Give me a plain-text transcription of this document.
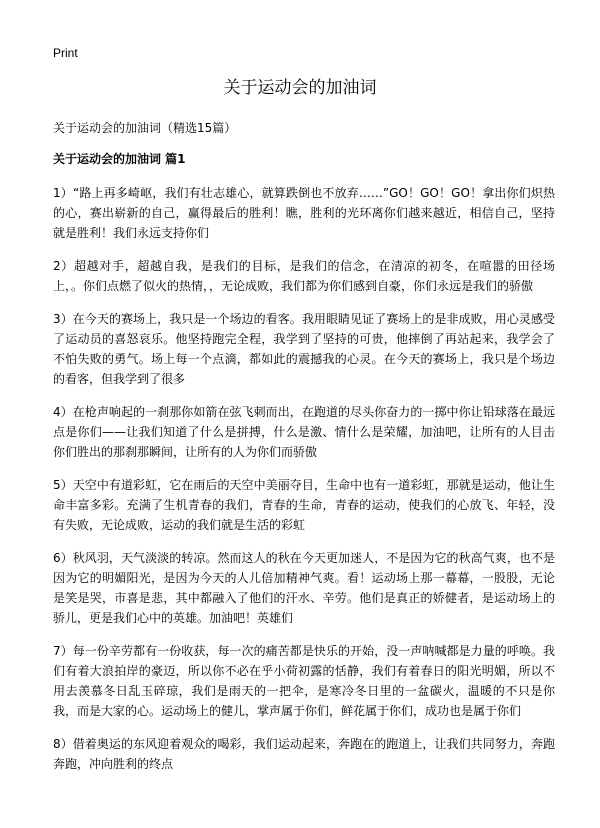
Print
关于运动会的加油词
关于运动会的加油词（精选15篇）
关于运动会的加油词 篇1

1）“路上再多崎岖，我们有壮志雄心，就算跌倒也不放弃……”GO！GO！GO！拿出你们炽热的心，赛出崭新的自己，赢得最后的胜利！瞧，胜利的光环离你们越来越近，相信自己，坚持就是胜利！我们永远支持你们

2）超越对手，超越自我，是我们的目标，是我们的信念，在清凉的初冬，在喧嚣的田径场上，。你们点燃了似火的热情，，无论成败，我们都为你们感到自豪，你们永远是我们的骄傲

3）在今天的赛场上，我只是一个场边的看客。我用眼睛见证了赛场上的是非成败，用心灵感受了运动员的喜怒哀乐。他坚持跑完全程，我学到了坚持的可贵，他摔倒了再站起来，我学会了不怕失败的勇气。场上每一个点滴，都如此的震撼我的心灵。在今天的赛场上，我只是个场边的看客，但我学到了很多

4）在枪声响起的一刹那你如箭在弦飞刺而出，在跑道的尽头你奋力的一掷中你让铅球落在最远点是你们——让我们知道了什么是拼搏，什么是激、情什么是荣耀，加油吧，让所有的人目击你们胜出的那刹那瞬间，让所有的人为你们而骄傲

5）天空中有道彩虹，它在雨后的天空中美丽夺目，生命中也有一道彩虹，那就是运动，他让生命丰富多彩。充满了生机青春的我们，青春的生命，青春的运动，使我们的心放飞、年轻，没有失败，无论成败，运动的我们就是生活的彩虹

6）秋风羽，天气淡淡的转凉。然而这人的秋在今天更加迷人，不是因为它的秋高气爽，也不是因为它的明媚阳光，是因为今天的人儿倍加精神气爽。看！运动场上那一幕幕，一股股，无论是笑是哭，市喜是悲，其中都融入了他们的汗水、辛劳。他们是真正的娇健者，是运动场上的骄儿，更是我们心中的英雄。加油吧！英雄们

7）每一份辛劳都有一份收获，每一次的痛苦都是快乐的开始，没一声呐喊都是力量的呼唤。我们有着大浪拍岸的豪迈，所以你不必在乎小荷初露的恬静，我们有着春日的阳光明媚，所以不用去羡慕冬日乱玉碎琼，我们是雨天的一把伞，是寒冷冬日里的一盆碳火，温暖的不只是你我，而是大家的心。运动场上的健儿，掌声属于你们，鲜花属于你们，成功也是属于你们

8）借着奥运的东风迎着观众的喝彩，我们运动起来，奔跑在的跑道上，让我们共同努力，奔跑 奔跑，冲向胜利的终点
